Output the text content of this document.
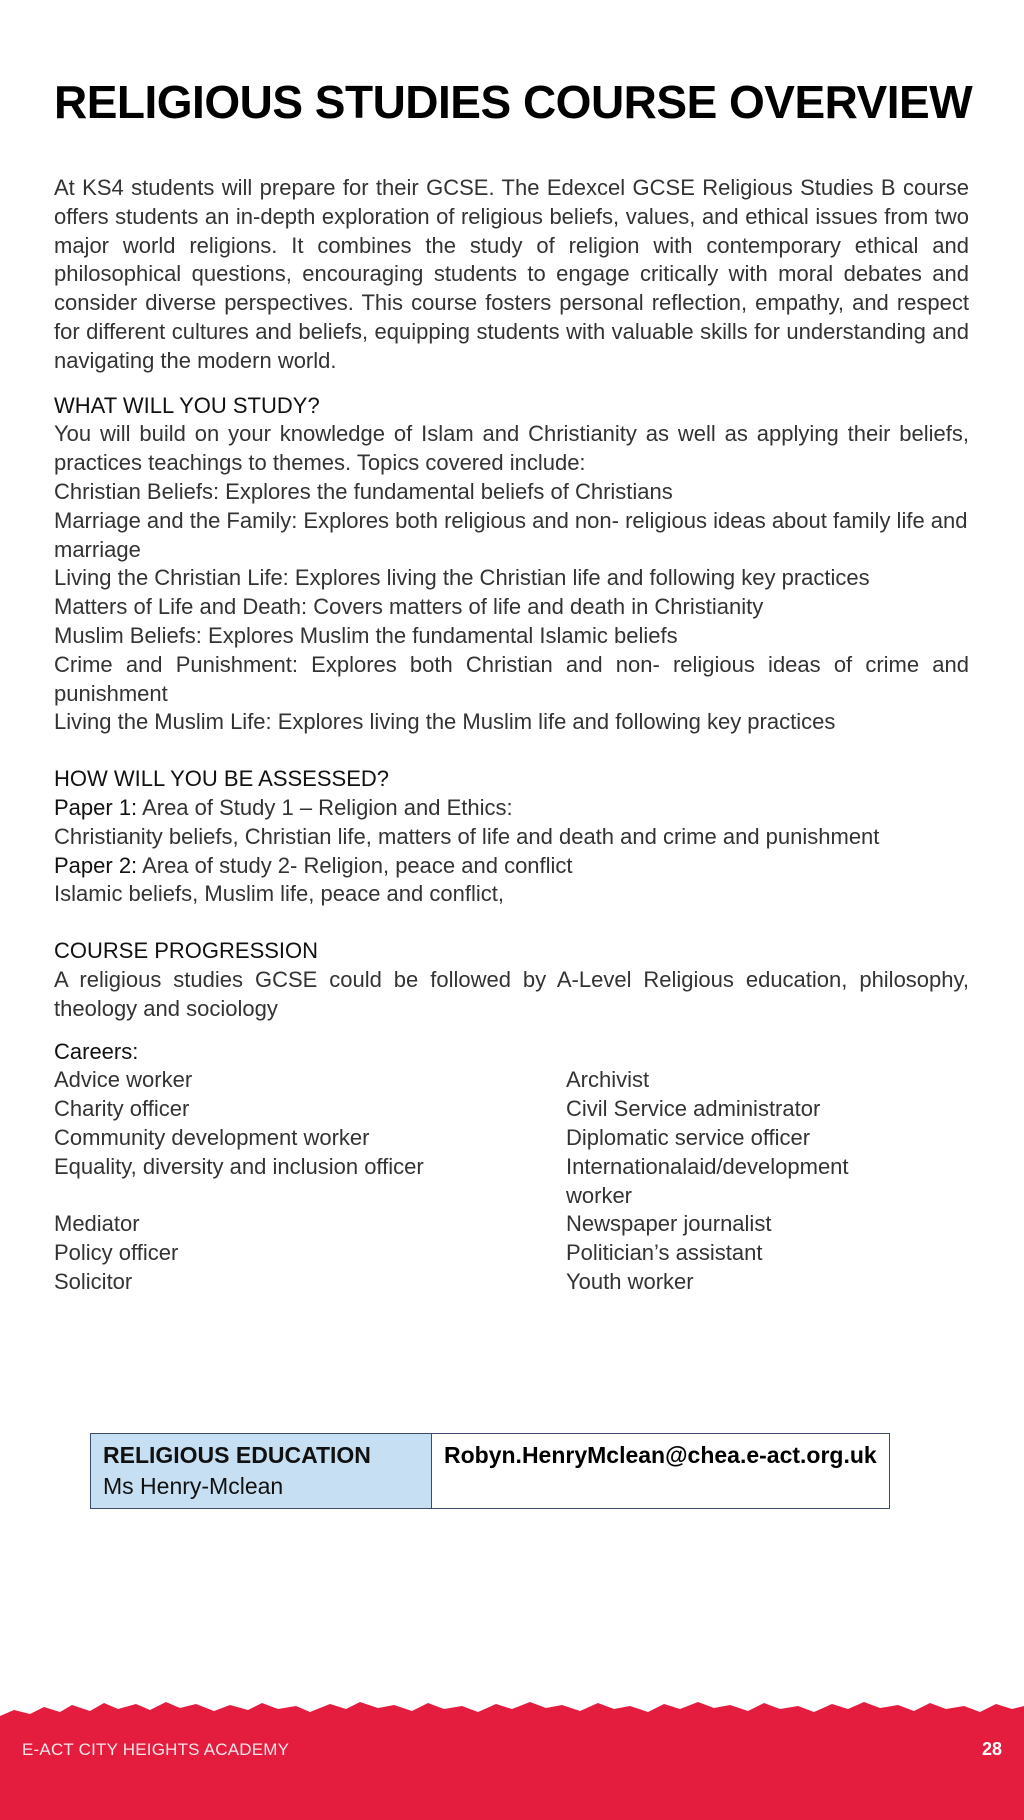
RELIGIOUS STUDIES COURSE OVERVIEW

At KS4 students will prepare for their GCSE. The Edexcel GCSE Religious Studies B course offers students an in-depth exploration of religious beliefs, values, and ethical issues from two major world religions. It combines the study of religion with contemporary ethical and philosophical questions, encouraging students to engage critically with moral debates and consider diverse perspectives. This course fosters personal reflection, empathy, and respect for different cultures and beliefs, equipping students with valuable skills for understanding and navigating the modern world.

WHAT WILL YOU STUDY?

You will build on your knowledge of Islam and Christianity as well as applying their beliefs, practices teachings to themes. Topics covered include:

Christian Beliefs: Explores the fundamental beliefs of Christians

Marriage and the Family: Explores both religious and non- religious ideas about family life and marriage

Living the Christian Life: Explores living the Christian life and following key practices

Matters of Life and Death: Covers matters of life and death in Christianity

Muslim Beliefs: Explores Muslim the fundamental Islamic beliefs

Crime and Punishment: Explores both Christian and non- religious ideas of crime and punishment

Living the Muslim Life: Explores living the Muslim life and following key practices

HOW WILL YOU BE ASSESSED?

Paper 1: Area of Study 1 – Religion and Ethics:

Christianity beliefs, Christian life, matters of life and death and crime and punishment

Paper 2: Area of study 2- Religion, peace and conflict

Islamic beliefs, Muslim life, peace and conflict,

COURSE PROGRESSION

A religious studies GCSE could be followed by A-Level Religious education, philosophy, theology and sociology

Careers:

Advice worker
Charity officer
Community development worker
Equality, diversity and inclusion officer
Mediator
Policy officer
Solicitor
Archivist
Civil Service administrator
Diplomatic service officer
Internationalaid/development worker
Newspaper journalist
Politician’s assistant
Youth worker
RELIGIOUS EDUCATION
Ms Henry-Mclean
Robyn.HenryMclean@chea.e-act.org.uk
E-ACT CITY HEIGHTS ACADEMY	28
